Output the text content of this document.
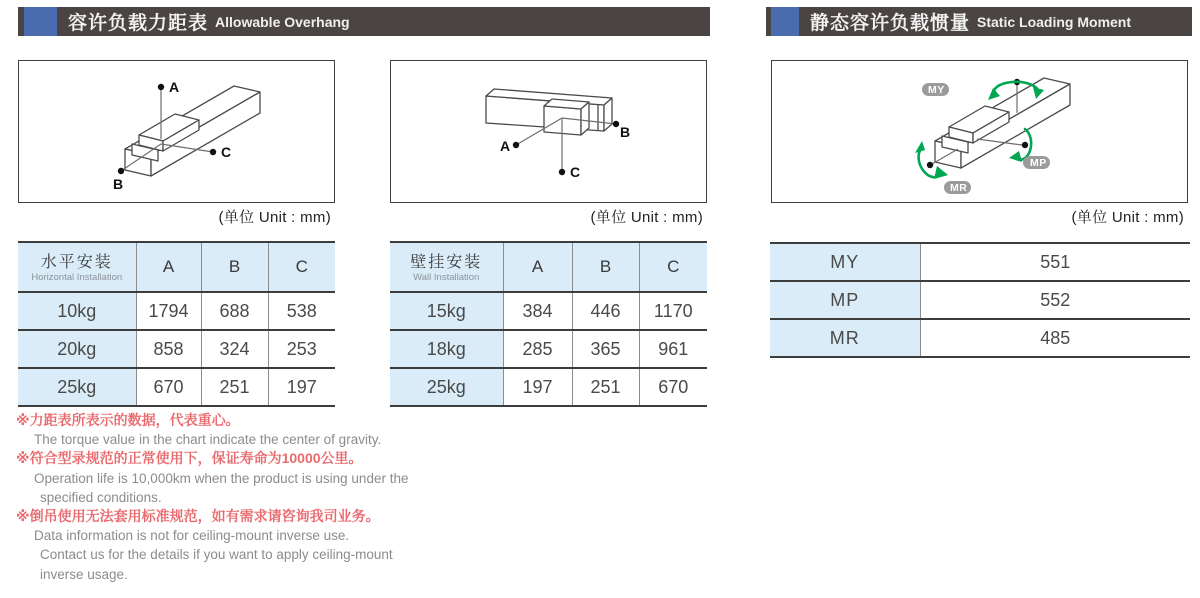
容许负载力距表 Allowable Overhang
A
B
C
(单位 Unit : mm)
A
B
C
(单位 Unit : mm)
水平安装
Horizontal Installation	A	B	C
10kg	1794	688	538
20kg	858	324	253
25kg	670	251	197
壁挂安装
Wall Installation	A	B	C
15kg	384	446	1170
18kg	285	365	961
25kg	197	251	670
※力距表所表示的数据，代表重心。
The torque value in the chart indicate the center of gravity.
※符合型录规范的正常使用下，保证寿命为10000公里。
Operation life is 10,000km when the product is using under the
specified conditions.
※倒吊使用无法套用标准规范，如有需求请咨询我司业务。
Data information is not for ceiling-mount inverse use.
Contact us for the details if you want to apply ceiling-mount
inverse usage.
静态容许负载惯量 Static Loading Moment
MY
MP
MR
(单位 Unit : mm)
MY	551
MP	552
MR	485
